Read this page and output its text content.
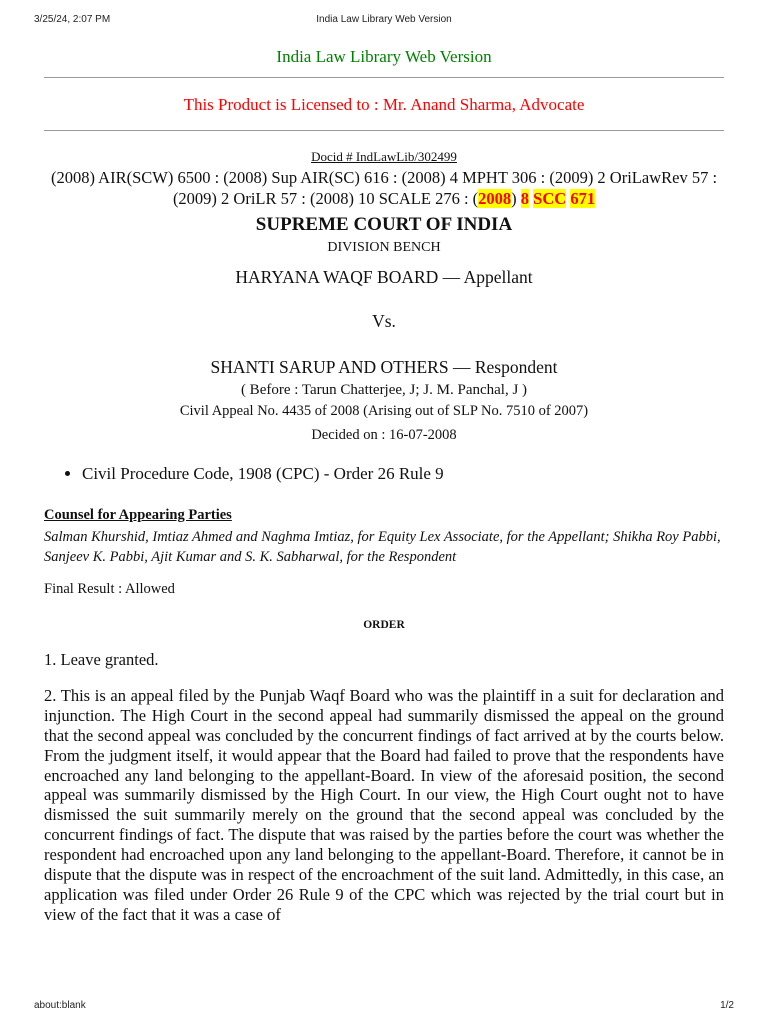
3/25/24, 2:07 PM	India Law Library Web Version
India Law Library Web Version
This Product is Licensed to : Mr. Anand Sharma, Advocate
Docid # IndLawLib/302499
(2008) AIR(SCW) 6500 : (2008) Sup AIR(SC) 616 : (2008) 4 MPHT 306 : (2009) 2 OriLawRev 57 : (2009) 2 OriLR 57 : (2008) 10 SCALE 276 : (2008) 8 SCC 671
SUPREME COURT OF INDIA
DIVISION BENCH
HARYANA WAQF BOARD — Appellant
Vs.
SHANTI SARUP AND OTHERS — Respondent
( Before : Tarun Chatterjee, J; J. M. Panchal, J )
Civil Appeal No. 4435 of 2008 (Arising out of SLP No. 7510 of 2007)
Decided on : 16-07-2008
• Civil Procedure Code, 1908 (CPC) - Order 26 Rule 9
Counsel for Appearing Parties
Salman Khurshid, Imtiaz Ahmed and Naghma Imtiaz, for Equity Lex Associate, for the Appellant; Shikha Roy Pabbi, Sanjeev K. Pabbi, Ajit Kumar and S. K. Sabharwal, for the Respondent
Final Result : Allowed
ORDER

1. Leave granted.

2. This is an appeal filed by the Punjab Waqf Board who was the plaintiff in a suit for declaration and injunction. The High Court in the second appeal had summarily dismissed the appeal on the ground that the second appeal was concluded by the concurrent findings of fact arrived at by the courts below. From the judgment itself, it would appear that the Board had failed to prove that the respondents have encroached any land belonging to the appellant-Board. In view of the aforesaid position, the second appeal was summarily dismissed by the High Court. In our view, the High Court ought not to have dismissed the suit summarily merely on the ground that the second appeal was concluded by the concurrent findings of fact. The dispute that was raised by the parties before the court was whether the respondent had encroached upon any land belonging to the appellant-Board. Therefore, it cannot be in dispute that the dispute was in respect of the encroachment of the suit land. Admittedly, in this case, an application was filed under Order 26 Rule 9 of the CPC which was rejected by the trial court but in view of the fact that it was a case of

about:blank	1/2
